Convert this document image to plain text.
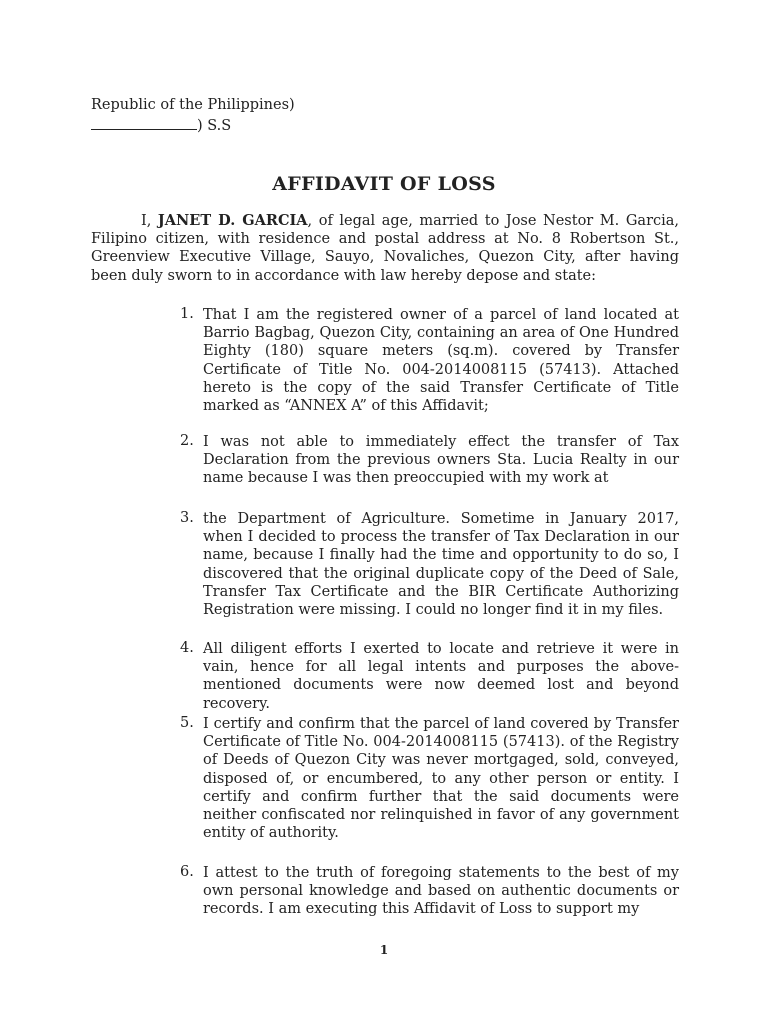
Republic of the Philippines)
) S.S
AFFIDAVIT OF LOSS

I, JANET D. GARCIA, of legal age, married to Jose Nestor M. Garcia, Filipino citizen, with residence and postal address at No. 8 Robertson St., Greenview Executive Village, Sauyo, Novaliches, Quezon City, after having been duly sworn to in accordance with law hereby depose and state:

1. That I am the registered owner of a parcel of land located at Barrio Bagbag, Quezon City, containing an area of One Hundred Eighty (180) square meters (sq.m). covered by Transfer Certificate of Title No. 004-2014008115 (57413). Attached hereto is the copy of the said Transfer Certificate of Title marked as “ANNEX A” of this Affidavit;

2. I was not able to immediately effect the transfer of Tax Declaration from the previous owners Sta. Lucia Realty in our name because I was then preoccupied with my work at

3. the Department of Agriculture. Sometime in January 2017, when I decided to process the transfer of Tax Declaration in our name, because I finally had the time and opportunity to do so, I discovered that the original duplicate copy of the Deed of Sale, Transfer Tax Certificate and the BIR Certificate Authorizing Registration were missing. I could no longer find it in my files.

4. All diligent efforts I exerted to locate and retrieve it were in vain, hence for all legal intents and purposes the above-mentioned documents were now deemed lost and beyond recovery.

5. I certify and confirm that the parcel of land covered by Transfer Certificate of Title No. 004-2014008115 (57413). of the Registry of Deeds of Quezon City was never mortgaged, sold, conveyed, disposed of, or encumbered, to any other person or entity. I certify and confirm further that the said documents were neither confiscated nor relinquished in favor of any government entity of authority.

6. I attest to the truth of foregoing statements to the best of my own personal knowledge and based on authentic documents or records. I am executing this Affidavit of Loss to support my

1
